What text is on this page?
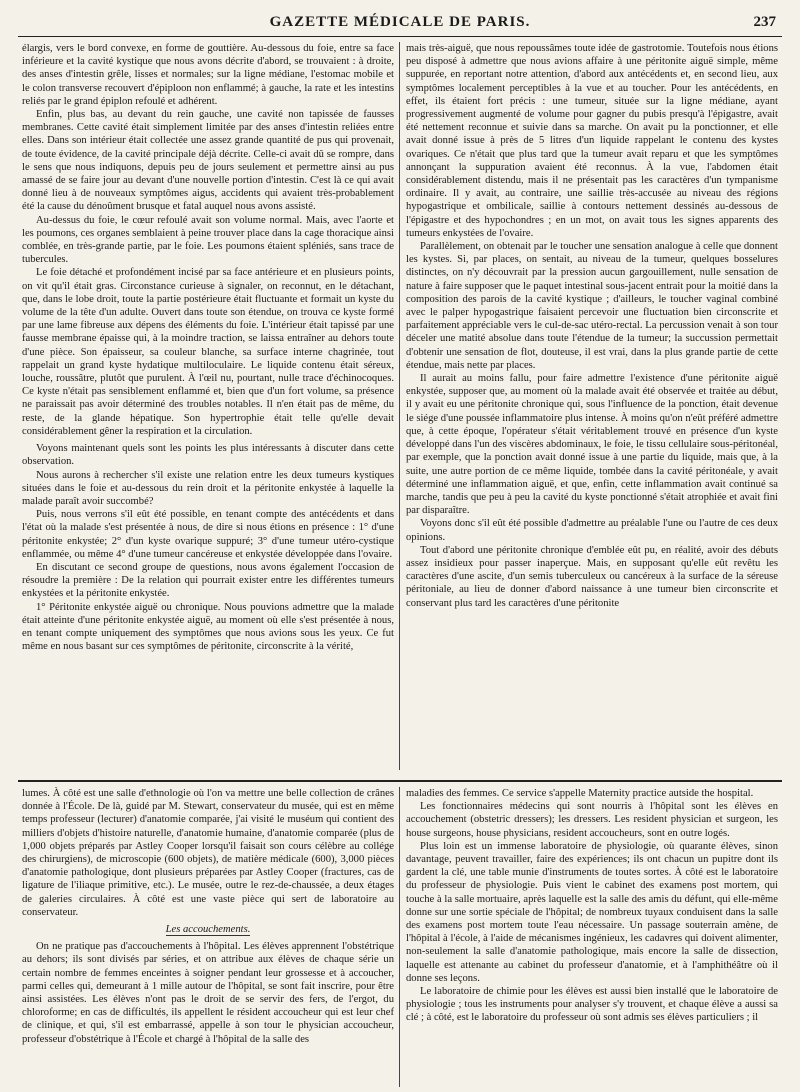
GAZETTE MÉDICALE DE PARIS.	237

élargis, vers le bord convexe, en forme de gouttière. Au-dessous du foie, entre sa face inférieure et la cavité kystique que nous avons décrite d'abord, se trouvaient : à droite, des anses d'intestin grêle, lisses et normales; sur la ligne médiane, l'estomac mobile et le colon transverse recouvert d'épiploon non enflammé; à gauche, la rate et les intestins reliés par le grand épiplon refoulé et adhérent.

Enfin, plus bas, au devant du rein gauche, une cavité non tapissée de fausses membranes. Cette cavité était simplement limitée par des anses d'intestin reliées entre elles. Dans son intérieur était collectée une assez grande quantité de pus qui provenait, de toute évidence, de la cavité principale déjà décrite. Celle-ci avait dû se rompre, dans le sens que nous indiquons, depuis peu de jours seulement et permettre ainsi au pus amassé de se faire jour au devant d'une nouvelle portion d'intestin. C'est là ce qui avait donné lieu à de nouveaux symptômes aigus, accidents qui avaient très-probablement été la cause du dénoûment brusque et fatal auquel nous avons assisté.

Au-dessus du foie, le cœur refoulé avait son volume normal. Mais, avec l'aorte et les poumons, ces organes semblaient à peine trouver place dans la cage thoracique ainsi comblée, en très-grande partie, par le foie. Les poumons étaient spléniés, sans trace de tubercules.

Le foie détaché et profondément incisé par sa face antérieure et en plusieurs points, on vit qu'il était gras. Circonstance curieuse à signaler, on reconnut, en le détachant, que, dans le lobe droit, toute la partie postérieure était fluctuante et formait un kyste du volume de la tête d'un adulte. Ouvert dans toute son étendue, on trouva ce kyste formé par une lame fibreuse aux dépens des éléments du foie. L'intérieur était tapissé par une fausse membrane épaisse qui, à la moindre traction, se laissa entraîner au dehors toute d'une pièce. Son épaisseur, sa couleur blanche, sa surface interne chagrinée, tout rappelait un grand kyste hydatique multiloculaire. Le liquide contenu était séreux, louche, roussâtre, plutôt que purulent. À l'œil nu, pourtant, nulle trace d'échinocoques. Ce kyste n'était pas sensiblement enflammé et, bien que d'un fort volume, sa présence ne paraissait pas avoir déterminé des troubles notables. Il n'en était pas de même, du reste, de la glande hépatique. Son hypertrophie était telle qu'elle devait considérablement gêner la respiration et la circulation.

Voyons maintenant quels sont les points les plus intéressants à discuter dans cette observation.

Nous aurons à rechercher s'il existe une relation entre les deux tumeurs kystiques situées dans le foie et au-dessous du rein droit et la péritonite enkystée à laquelle la malade paraît avoir succombé?

Puis, nous verrons s'il eût été possible, en tenant compte des antécédents et dans l'état où la malade s'est présentée à nous, de dire si nous étions en présence : 1° d'une péritonite enkystée; 2° d'un kyste ovarique suppuré; 3° d'une tumeur utéro-cystique enflammée, ou même 4° d'une tumeur cancéreuse et enkystée développée dans l'ovaire.

En discutant ce second groupe de questions, nous avons également l'occasion de résoudre la première : De la relation qui pourrait exister entre les différentes tumeurs enkystées et la péritonite enkystée.

1° Péritonite enkystée aiguë ou chronique. Nous pouvions admettre que la malade était atteinte d'une péritonite enkystée aiguë, au moment où elle s'est présentée à nous, en tenant compte uniquement des symptômes que nous avions sous les yeux. Ce fut même en nous basant sur ces symptômes de péritonite, circonscrite à la vérité,

mais très-aiguë, que nous repoussâmes toute idée de gastrotomie. Toutefois nous étions peu disposé à admettre que nous avions affaire à une péritonite aiguë simple, même suppurée, en reportant notre attention, d'abord aux antécédents et, en second lieu, aux symptômes localement perceptibles à la vue et au toucher. Pour les antécédents, en effet, ils étaient fort précis : une tumeur, située sur la ligne médiane, ayant progressivement augmenté de volume pour gagner du pubis presqu'à l'épigastre, avait été nettement reconnue et suivie dans sa marche. On avait pu la ponctionner, et elle avait donné issue à près de 5 litres d'un liquide rappelant le contenu des kystes ovariques. Ce n'était que plus tard que la tumeur avait reparu et que les symptômes annonçant la suppuration avaient été reconnus. À la vue, l'abdomen était considérablement distendu, mais il ne présentait pas les caractères d'un tympanisme ordinaire. Il y avait, au contraire, une saillie très-accusée au niveau des régions hypogastrique et ombilicale, saillie à contours nettement dessinés au-dessous de l'épigastre et des hypochondres ; en un mot, on avait tous les signes apparents des tumeurs enkystées de l'ovaire.

Parallèlement, on obtenait par le toucher une sensation analogue à celle que donnent les kystes. Si, par places, on sentait, au niveau de la tumeur, quelques bosselures distinctes, on n'y découvrait par la pression aucun gargouillement, nulle sensation de nature à faire supposer que le paquet intestinal sous-jacent entrait pour la moitié dans la composition des parois de la cavité kystique ; d'ailleurs, le toucher vaginal combiné avec le palper hypogastrique faisaient percevoir une fluctuation bien circonscrite et parfaitement appréciable vers le cul-de-sac utéro-rectal. La percussion venait à son tour déceler une matité absolue dans toute l'étendue de la tumeur; la succussion permettait d'obtenir une sensation de flot, douteuse, il est vrai, dans la plus grande partie de cette étendue, mais nette par places.

Il aurait au moins fallu, pour faire admettre l'existence d'une péritonite aiguë enkystée, supposer que, au moment où la malade avait été observée et traitée au début, il y avait eu une péritonite chronique qui, sous l'influence de la ponction, était devenue le siége d'une poussée inflammatoire plus intense. À moins qu'on n'eût préféré admettre que, à cette époque, l'opérateur s'était véritablement trouvé en présence d'un kyste développé dans l'un des viscères abdominaux, le foie, le tissu cellulaire sous-péritonéal, par exemple, que la ponction avait donné issue à une partie du liquide, mais que, à la suite, une autre portion de ce même liquide, tombée dans la cavité péritonéale, y avait déterminé une inflammation aiguë, et que, enfin, cette inflammation avait continué sa marche, tandis que peu à peu la cavité du kyste ponctionné s'était atrophiée et avait fini par disparaître.

Voyons donc s'il eût été possible d'admettre au préalable l'une ou l'autre de ces deux opinions.

Tout d'abord une péritonite chronique d'emblée eût pu, en réalité, avoir des débuts assez insidieux pour passer inaperçue. Mais, en supposant qu'elle eût revêtu les caractères d'une ascite, d'un semis tuberculeux ou cancéreux à la surface de la séreuse péritoniale, au lieu de donner d'abord naissance à une tumeur bien circonscrite et conservant plus tard les caractères d'une péritonite

lumes. À côté est une salle d'ethnologie où l'on va mettre une belle collection de crânes donnée à l'École. De là, guidé par M. Stewart, conservateur du musée, qui est en même temps professeur (lecturer) d'anatomie comparée, j'ai visité le muséum qui contient des milliers d'objets d'histoire naturelle, d'anatomie humaine, d'anatomie comparée (plus de 1,000 objets préparés par Astley Cooper lorsqu'il faisait son cours célèbre au collége des chirurgiens), de microscopie (600 objets), de matière médicale (600), 3,000 pièces d'anatomie pathologique, dont plusieurs préparées par Astley Cooper (fractures, cas de ligature de l'iliaque primitive, etc.). Le musée, outre le rez-de-chaussée, a deux étages de galeries circulaires. À côté est une vaste pièce qui sert de laboratoire au conservateur.

Les accouchements.

On ne pratique pas d'accouchements à l'hôpital. Les élèves apprennent l'obstétrique au dehors; ils sont divisés par séries, et on attribue aux élèves de chaque série un certain nombre de femmes enceintes à soigner pendant leur grossesse et à accoucher, parmi celles qui, demeurant à 1 mille autour de l'hôpital, se sont fait inscrire, pour être ainsi assistées. Les élèves n'ont pas le droit de se servir des fers, de l'ergot, du chloroforme; en cas de difficultés, ils appellent le résident accoucheur qui est leur chef de clinique, et qui, s'il est embarrassé, appelle à son tour le physician accoucheur, professeur d'obstétrique à l'École et chargé à l'hôpital de la salle des

maladies des femmes. Ce service s'appelle Maternity practice autside the hospital.

Les fonctionnaires médecins qui sont nourris à l'hôpital sont les élèves en accouchement (obstetric dressers); les dressers. Les resident physician et surgeon, les house surgeons, house physicians, resident accoucheurs, sont en outre logés.

Plus loin est un immense laboratoire de physiologie, où quarante élèves, sinon davantage, peuvent travailler, faire des expériences; ils ont chacun un pupitre dont ils gardent la clé, une table munie d'instruments de toutes sortes. À côté est le laboratoire du professeur de physiologie. Puis vient le cabinet des examens post mortem, qui touche à la salle mortuaire, après laquelle est la salle des amis du défunt, qui elle-même donne sur une sortie spéciale de l'hôpital; de nombreux tuyaux conduisent dans la salle des examens post mortem toute l'eau nécessaire. Un passage souterrain amène, de l'hôpital à l'école, à l'aide de mécanismes ingénieux, les cadavres qui doivent alimenter, non-seulement la salle d'anatomie pathologique, mais encore la salle de dissection, laquelle est attenante au cabinet du professeur d'anatomie, et à l'amphithéâtre où il donne ses leçons.

Le laboratoire de chimie pour les élèves est aussi bien installé que le laboratoire de physiologie ; tous les instruments pour analyser s'y trouvent, et chaque élève a aussi sa clé ; à côté, est le laboratoire du professeur où sont admis ses élèves particuliers ; il
